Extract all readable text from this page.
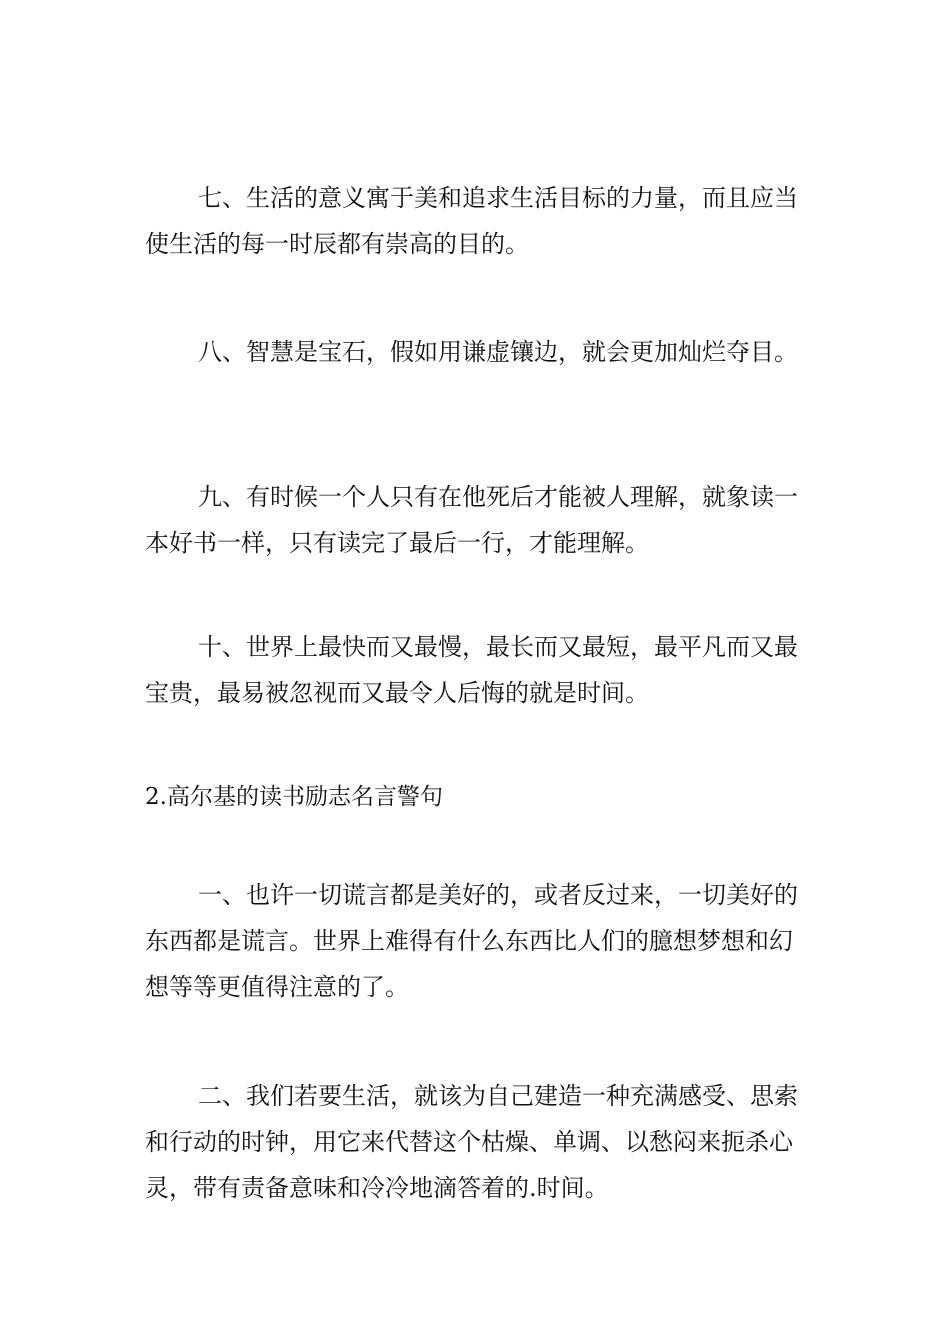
七、生活的意义寓于美和追求生活目标的力量，而且应当使生活的每一时辰都有崇高的目的。

八、智慧是宝石，假如用谦虚镶边，就会更加灿烂夺目。

九、有时候一个人只有在他死后才能被人理解，就象读一本好书一样，只有读完了最后一行，才能理解。

十、世界上最快而又最慢，最长而又最短，最平凡而又最宝贵，最易被忽视而又最令人后悔的就是时间。

2.高尔基的读书励志名言警句

一、也许一切谎言都是美好的，或者反过来，一切美好的东西都是谎言。世界上难得有什么东西比人们的臆想梦想和幻想等等更值得注意的了。

二、我们若要生活，就该为自己建造一种充满感受、思索和行动的时钟，用它来代替这个枯燥、单调、以愁闷来扼杀心灵，带有责备意味和冷冷地滴答着的.时间。
